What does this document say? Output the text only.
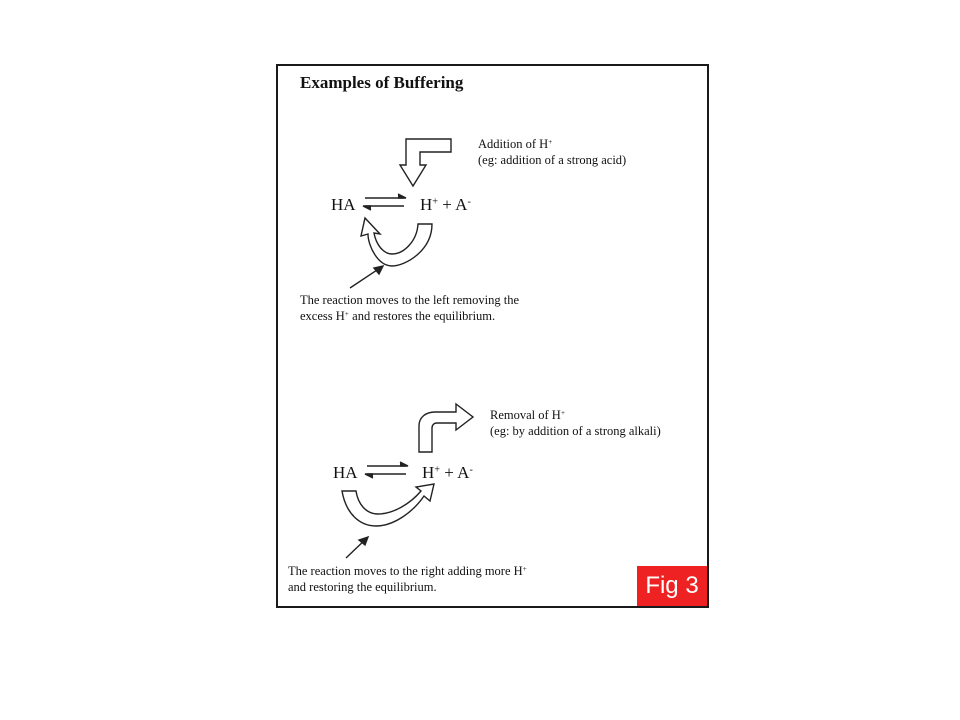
Examples of Buffering
Addition of H+
(eg: addition of a strong acid)
HA	H+ + A-
The reaction moves to the left removing the
excess H+ and restores the equilibrium.
Removal of H+
(eg: by addition of a strong alkali)
HA	H+ + A-
The reaction moves to the right adding more H+
and restoring the equilibrium.	Fig 3
